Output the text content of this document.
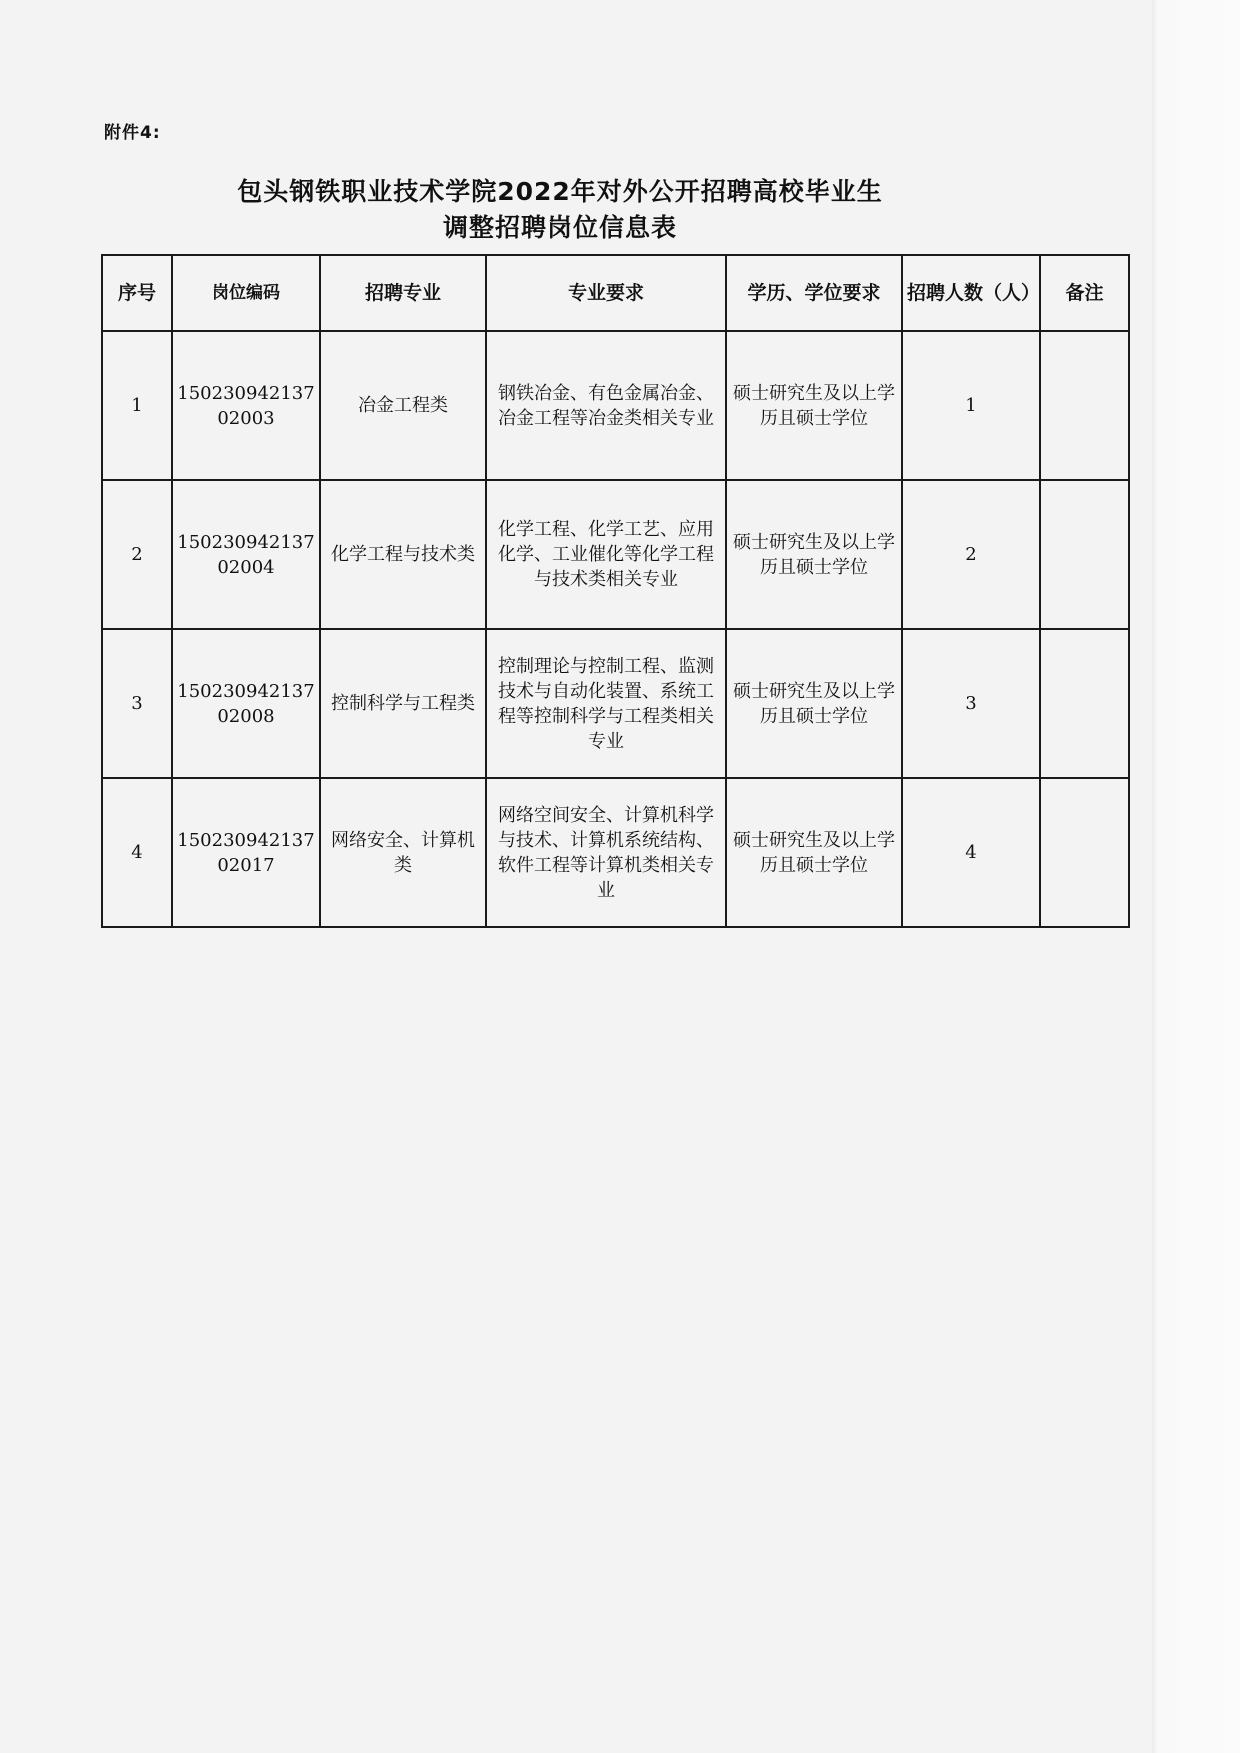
附件4:
包头钢铁职业技术学院2022年对外公开招聘高校毕业生
调整招聘岗位信息表
序号	岗位编码	招聘专业	专业要求	学历、学位要求	招聘人数（人）	备注
1	15023094213702003	冶金工程类	钢铁冶金、有色金属冶金、冶金工程等冶金类相关专业	硕士研究生及以上学历且硕士学位	1	
2	15023094213702004	化学工程与技术类	化学工程、化学工艺、应用化学、工业催化等化学工程与技术类相关专业	硕士研究生及以上学历且硕士学位	2	
3	15023094213702008	控制科学与工程类	控制理论与控制工程、监测技术与自动化装置、系统工程等控制科学与工程类相关专业	硕士研究生及以上学历且硕士学位	3	
4	15023094213702017	网络安全、计算机类	网络空间安全、计算机科学与技术、计算机系统结构、软件工程等计算机类相关专业	硕士研究生及以上学历且硕士学位	4	
